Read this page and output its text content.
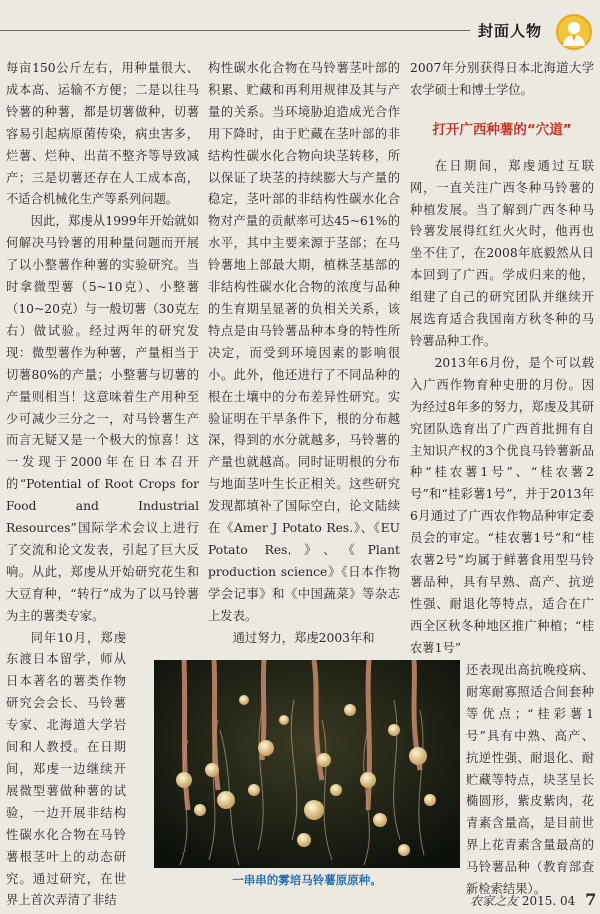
封面人物

每亩150公斤左右，用种量很大、成本高、运输不方便；二是以往马铃薯的种薯，都是切薯做种，切薯容易引起病原菌传染，病虫害多，烂薯、烂种、出苗不整齐等导致减产；三是切薯还存在人工成本高，不适合机械化生产等系列问题。

因此，郑虔从1999年开始就如何解决马铃薯的用种量问题而开展了以小整薯作种薯的实验研究。当时拿微型薯（5~10克）、小整薯（10~20克）与一般切薯（30克左右）做试验。经过两年的研究发现：微型薯作为种薯，产量相当于切薯80%的产量；小整薯与切薯的产量则相当！这意味着生产用种至少可减少三分之一，对马铃薯生产而言无疑又是一个极大的惊喜！这一发现于2000年在日本召开的“Potential of Root Crops for Food and Industrial Resources”国际学术会议上进行了交流和论文发表，引起了巨大反响。从此，郑虔从开始研究花生和大豆育种，“转行”成为了以马铃薯为主的薯类专家。

同年10月，郑虔东渡日本留学，师从日本著名的薯类作物研究会会长、马铃薯专家、北海道大学岩间和人教授。在日期间，郑虔一边继续开展微型薯做种薯的试验，一边开展非结构性碳水化合物在马铃薯根茎叶上的动态研究。通过研究，在世界上首次弄清了非结

构性碳水化合物在马铃薯茎叶部的积累、贮藏和再利用规律及其与产量的关系。当环境胁迫造成光合作用下降时，由于贮藏在茎叶部的非结构性碳水化合物向块茎转移，所以保证了块茎的持续膨大与产量的稳定，茎叶部的非结构性碳水化合物对产量的贡献率可达45~61%的水平，其中主要来源于茎部；在马铃薯地上部最大期，植株茎基部的非结构性碳水化合物的浓度与品种的生育期呈显著的负相关关系，该特点是由马铃薯品种本身的特性所决定，而受到环境因素的影响很小。此外，他还进行了不同品种的根在土壤中的分布差异性研究。实验证明在干旱条件下，根的分布越深，得到的水分就越多，马铃薯的产量也就越高。同时证明根的分布与地面茎叶生长正相关。这些研究发现都填补了国际空白，论文陆续在《Amer J Potato Res.》、《EU Potato Res.》、《Plant production science》《日本作物学会记事》和《中国蔬菜》等杂志上发表。

通过努力，郑虔2003年和

2007年分别获得日本北海道大学农学硕士和博士学位。

打开广西种薯的“穴道”

在日期间，郑虔通过互联网，一直关注广西冬种马铃薯的种植发展。当了解到广西冬种马铃薯发展得红红火火时，他再也坐不住了，在2008年底毅然从日本回到了广西。学成归来的他，组建了自己的研究团队并继续开展选育适合我国南方秋冬种的马铃薯品种工作。

2013年6月份，是个可以载入广西作物育种史册的月份。因为经过8年多的努力，郑虔及其研究团队选育出了广西首批拥有自主知识产权的3个优良马铃薯新品种“桂农薯1号”、“桂农薯2号”和“桂彩薯1号”，并于2013年6月通过了广西农作物品种审定委员会的审定。“桂农薯1号”和“桂农薯2号”均属于鲜薯食用型马铃薯品种，具有早熟、高产、抗逆性强、耐退化等特点，适合在广西全区秋冬种地区推广种植；“桂农薯1号”

还表现出高抗晚疫病、耐寒耐寡照适合间套种等优点；“桂彩薯1号”具有中熟、高产、抗逆性强、耐退化、耐贮藏等特点，块茎呈长椭圆形，紫皮紫肉，花青素含量高，是目前世界上花青素含量最高的马铃薯品种（教育部查新检索结果）。

一串串的雾培马铃薯原原种。
农家之友 2015. 04 7
